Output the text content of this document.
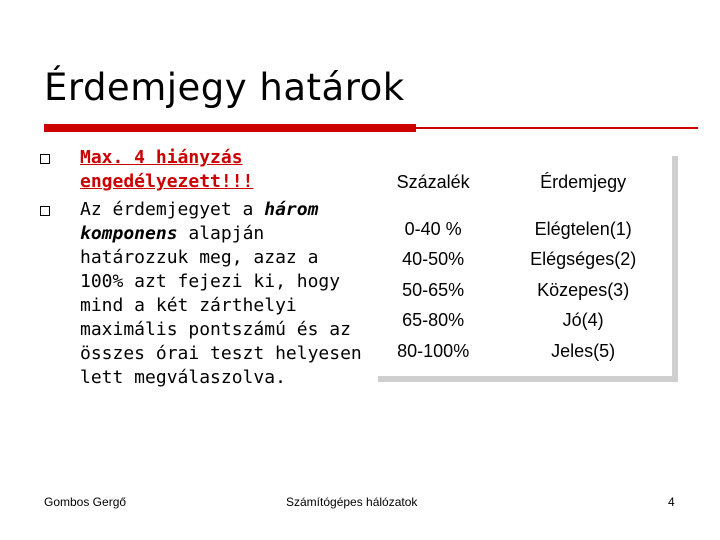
Érdemjegy határok
Max. 4 hiányzás engedélyezett!!!
Az érdemjegyet a három komponens alapján határozzuk meg, azaz a 100% azt fejezi ki, hogy mind a két zárthelyi maximális pontszámú és az összes órai teszt helyesen lett megválaszolva.
Százalék	Érdemjegy
0-40 %	Elégtelen(1)
40-50%	Elégséges(2)
50-65%	Közepes(3)
65-80%	Jó(4)
80-100%	Jeles(5)
Gombos Gergő	Számítógépes hálózatok	4
